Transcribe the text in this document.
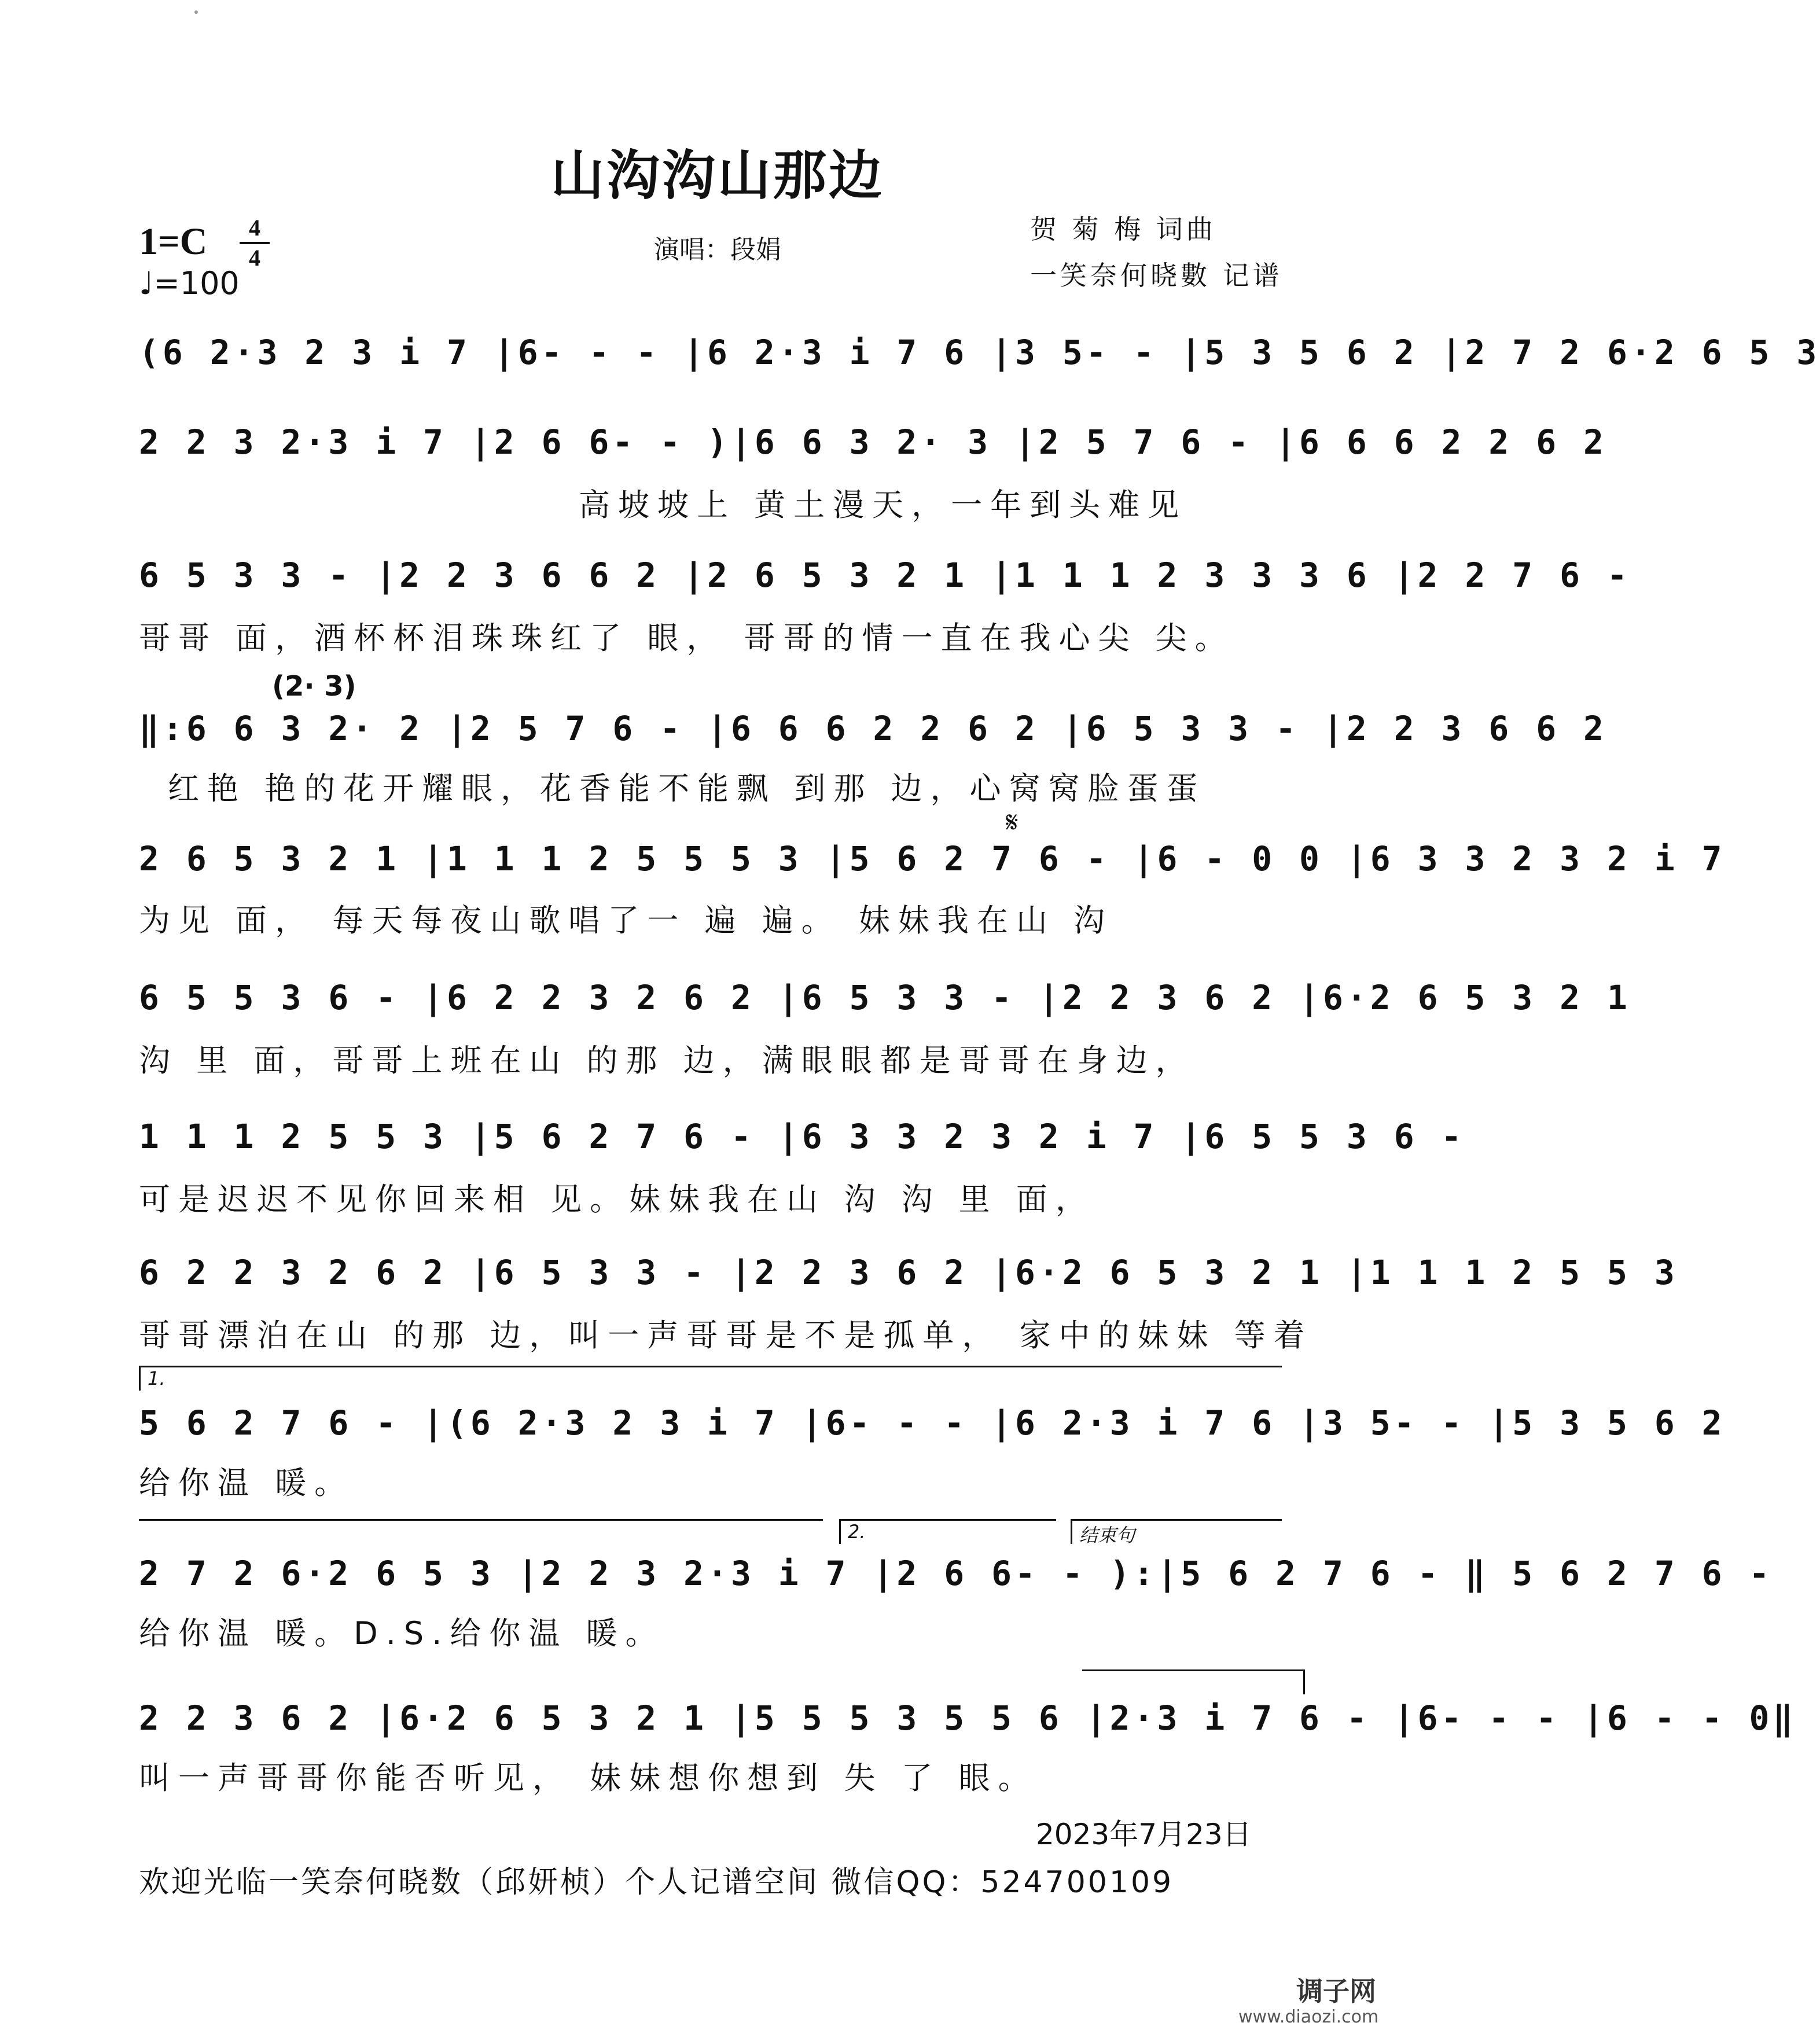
山沟沟山那边
1=C	4
4
♩=100
演唱：段娟
贺 菊 梅 词曲
一笑奈何晓數 记谱
(6 2·3 2 3 i 7 |6- - - |6 2·3 i 7 6 |3 5- - |5 3 5 6 2 |2 7 2 6·2 6 5 3
2 2 3 2·3 i 7 |2 6 6- - )|6 6 3 2· 3 |2 5 7 6 - |6 6 6 2 2 6 2
高坡坡上 黄土漫天，一年到头难见
6 5 3 3 - |2 2 3 6 6 2 |2 6 5 3 2 1 |1 1 1 2 3 3 3 6 |2 2 7 6 -
哥哥 面，酒杯杯泪珠珠红了 眼， 哥哥的情一直在我心尖 尖。
(2· 3)
‖:6 6 3 2· 2 |2 5 7 6 - |6 6 6 2 2 6 2 |6 5 3 3 - |2 2 3 6 6 2
红艳 艳的花开耀眼，花香能不能飘 到那 边，心窝窝脸蛋蛋
𝄋
2 6 5 3 2 1 |1 1 1 2 5 5 5 3 |5 6 2 7 6 - |6 - 0 0 |6 3 3 2 3 2 i 7
为见 面， 每天每夜山歌唱了一 遍 遍。 妹妹我在山 沟
6 5 5 3 6 - |6 2 2 3 2 6 2 |6 5 3 3 - |2 2 3 6 2 |6·2 6 5 3 2 1
沟 里 面，哥哥上班在山 的那 边，满眼眼都是哥哥在身边，
1 1 1 2 5 5 3 |5 6 2 7 6 - |6 3 3 2 3 2 i 7 |6 5 5 3 6 -
可是迟迟不见你回来相 见。妹妹我在山 沟 沟 里 面，
6 2 2 3 2 6 2 |6 5 3 3 - |2 2 3 6 2 |6·2 6 5 3 2 1 |1 1 1 2 5 5 3
哥哥漂泊在山 的那 边，叫一声哥哥是不是孤单， 家中的妹妹 等着
1.
5 6 2 7 6 - |(6 2·3 2 3 i 7 |6- - - |6 2·3 i 7 6 |3 5- - |5 3 5 6 2
给你温 暖。
2.	结束句
2 7 2 6·2 6 5 3 |2 2 3 2·3 i 7 |2 6 6- - ):|5 6 2 7 6 - ‖ 5 6 2 7 6 -
给你温 暖。D.S.给你温 暖。
2 2 3 6 2 |6·2 6 5 3 2 1 |5 5 5 3 5 5 6 |2·3 i 7 6 - |6- - - |6 - - 0‖
叫一声哥哥你能否听见， 妹妹想你想到 失 了 眼。
2023年7月23日
欢迎光临一笑奈何晓数（邱妍桢）个人记谱空间 微信QQ：524700109
调子网
www.diaozi.com
